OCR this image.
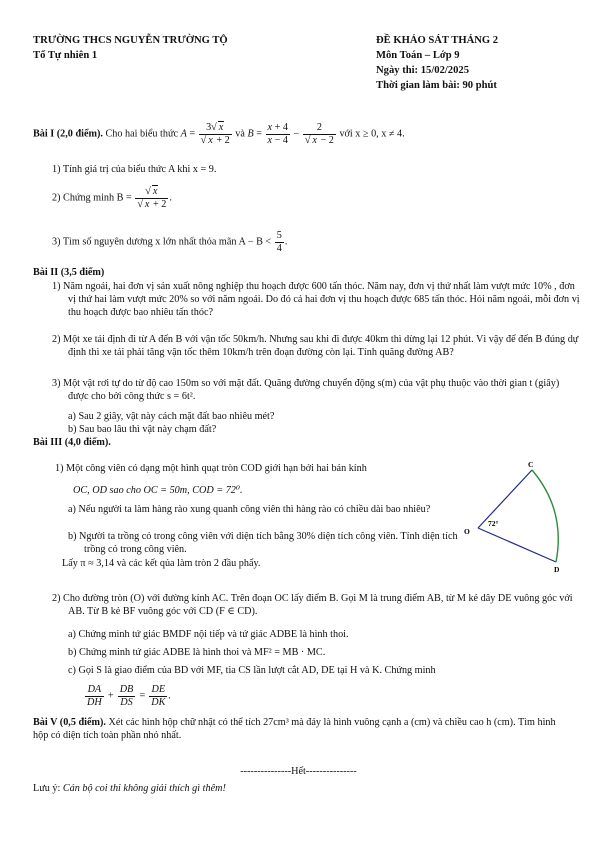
TRƯỜNG THCS NGUYỄN TRƯỜNG TỘ
Tổ Tự nhiên 1
ĐỀ KHẢO SÁT THÁNG 2
Môn Toán – Lớp 9
Ngày thi: 15/02/2025
Thời gian làm bài: 90 phút
Bài I (2,0 điểm). Cho hai biểu thức $A = \frac{3√ x}{√ x + 2}$ và $B = \frac{x + 4}{x - 4} - \frac{2}{√ x - 2}$ với x ≥ 0, x ≠ 4.
1) Tính giá trị của biểu thức A khi x = 9.
2) Chứng minh $B = \frac{√ x}{√ x + 2}$ .
3) Tìm số nguyên dương x lớn nhất thỏa mãn $A - B < \frac{5}{4}$ .
Bài II (3,5 điểm)
1) Năm ngoái, hai đơn vị sản xuất nông nghiệp thu hoạch được 600 tấn thóc. Năm nay, đơn vị thứ nhất làm vượt mức 10% , đơn vị thứ hai làm vượt mức 20% so với năm ngoái. Do đó cả hai đơn vị thu hoạch được 685 tấn thóc. Hỏi năm ngoái, mỗi đơn vị thu hoạch được bao nhiêu tấn thóc?
2) Một xe tải định đi từ A đến B với vận tốc 50km/h. Nhưng sau khi đi được 40km thì dừng lại 12 phút. Vì vậy để đến B đúng dự định thì xe tải phải tăng vận tốc thêm 10km/h trên đoạn đường còn lại. Tính quãng đường AB?
3) Một vật rơi tự do từ độ cao 150m so với mặt đất. Quãng đường chuyển động s(m) của vật phụ thuộc vào thời gian t (giây) được cho bởi công thức s = 6t².
a) Sau 2 giây, vật này cách mặt đất bao nhiêu mét?
b) Sau bao lâu thì vật này chạm đất?
Bài III (4,0 điểm).
1) Một công viên có dạng một hình quạt tròn COD giới hạn bởi hai bán kính
OC, OD sao cho OC = 50m, COD = 72⁰.
a) Nếu người ta làm hàng rào xung quanh công viên thì hàng rào có chiều dài bao nhiêu?
b) Người ta trồng cỏ trong công viên với diện tích bằng 30% diện tích công viên. Tính diện tích trồng cỏ trong công viên.
Lấy π ≈ 3,14 và các kết qủa làm tròn 2 đầu phẩy.
C
O
D
72°
2) Cho đường tròn (O) với đường kính AC. Trên đoạn OC lấy điểm B. Gọi M là trung điểm AB, từ M kẻ dây DE vuông góc với AB. Từ B kẻ BF vuông góc với CD (F ∈ CD).
a) Chứng minh tứ giác BMDF nội tiếp và tứ giác ADBE là hình thoi.
b) Chứng minh tứ giác ADBE là hình thoi và MF² = MB · MC.
c) Gọi S là giao điểm của BD với MF, tia CS lần lượt cắt AD, DE tại H và K. Chứng minh
$\frac{DA}{DH} + \frac{DB}{DS} = \frac{DE}{DK}$ .
Bài V (0,5 điểm). Xét các hình hộp chữ nhật có thể tích 27cm³ mà đáy là hình vuông cạnh a (cm) và chiều cao h (cm). Tìm hình hộp có diện tích toàn phần nhỏ nhất.
---------------Hết---------------
Lưu ý: Cán bộ coi thi không giải thích gì thêm!
